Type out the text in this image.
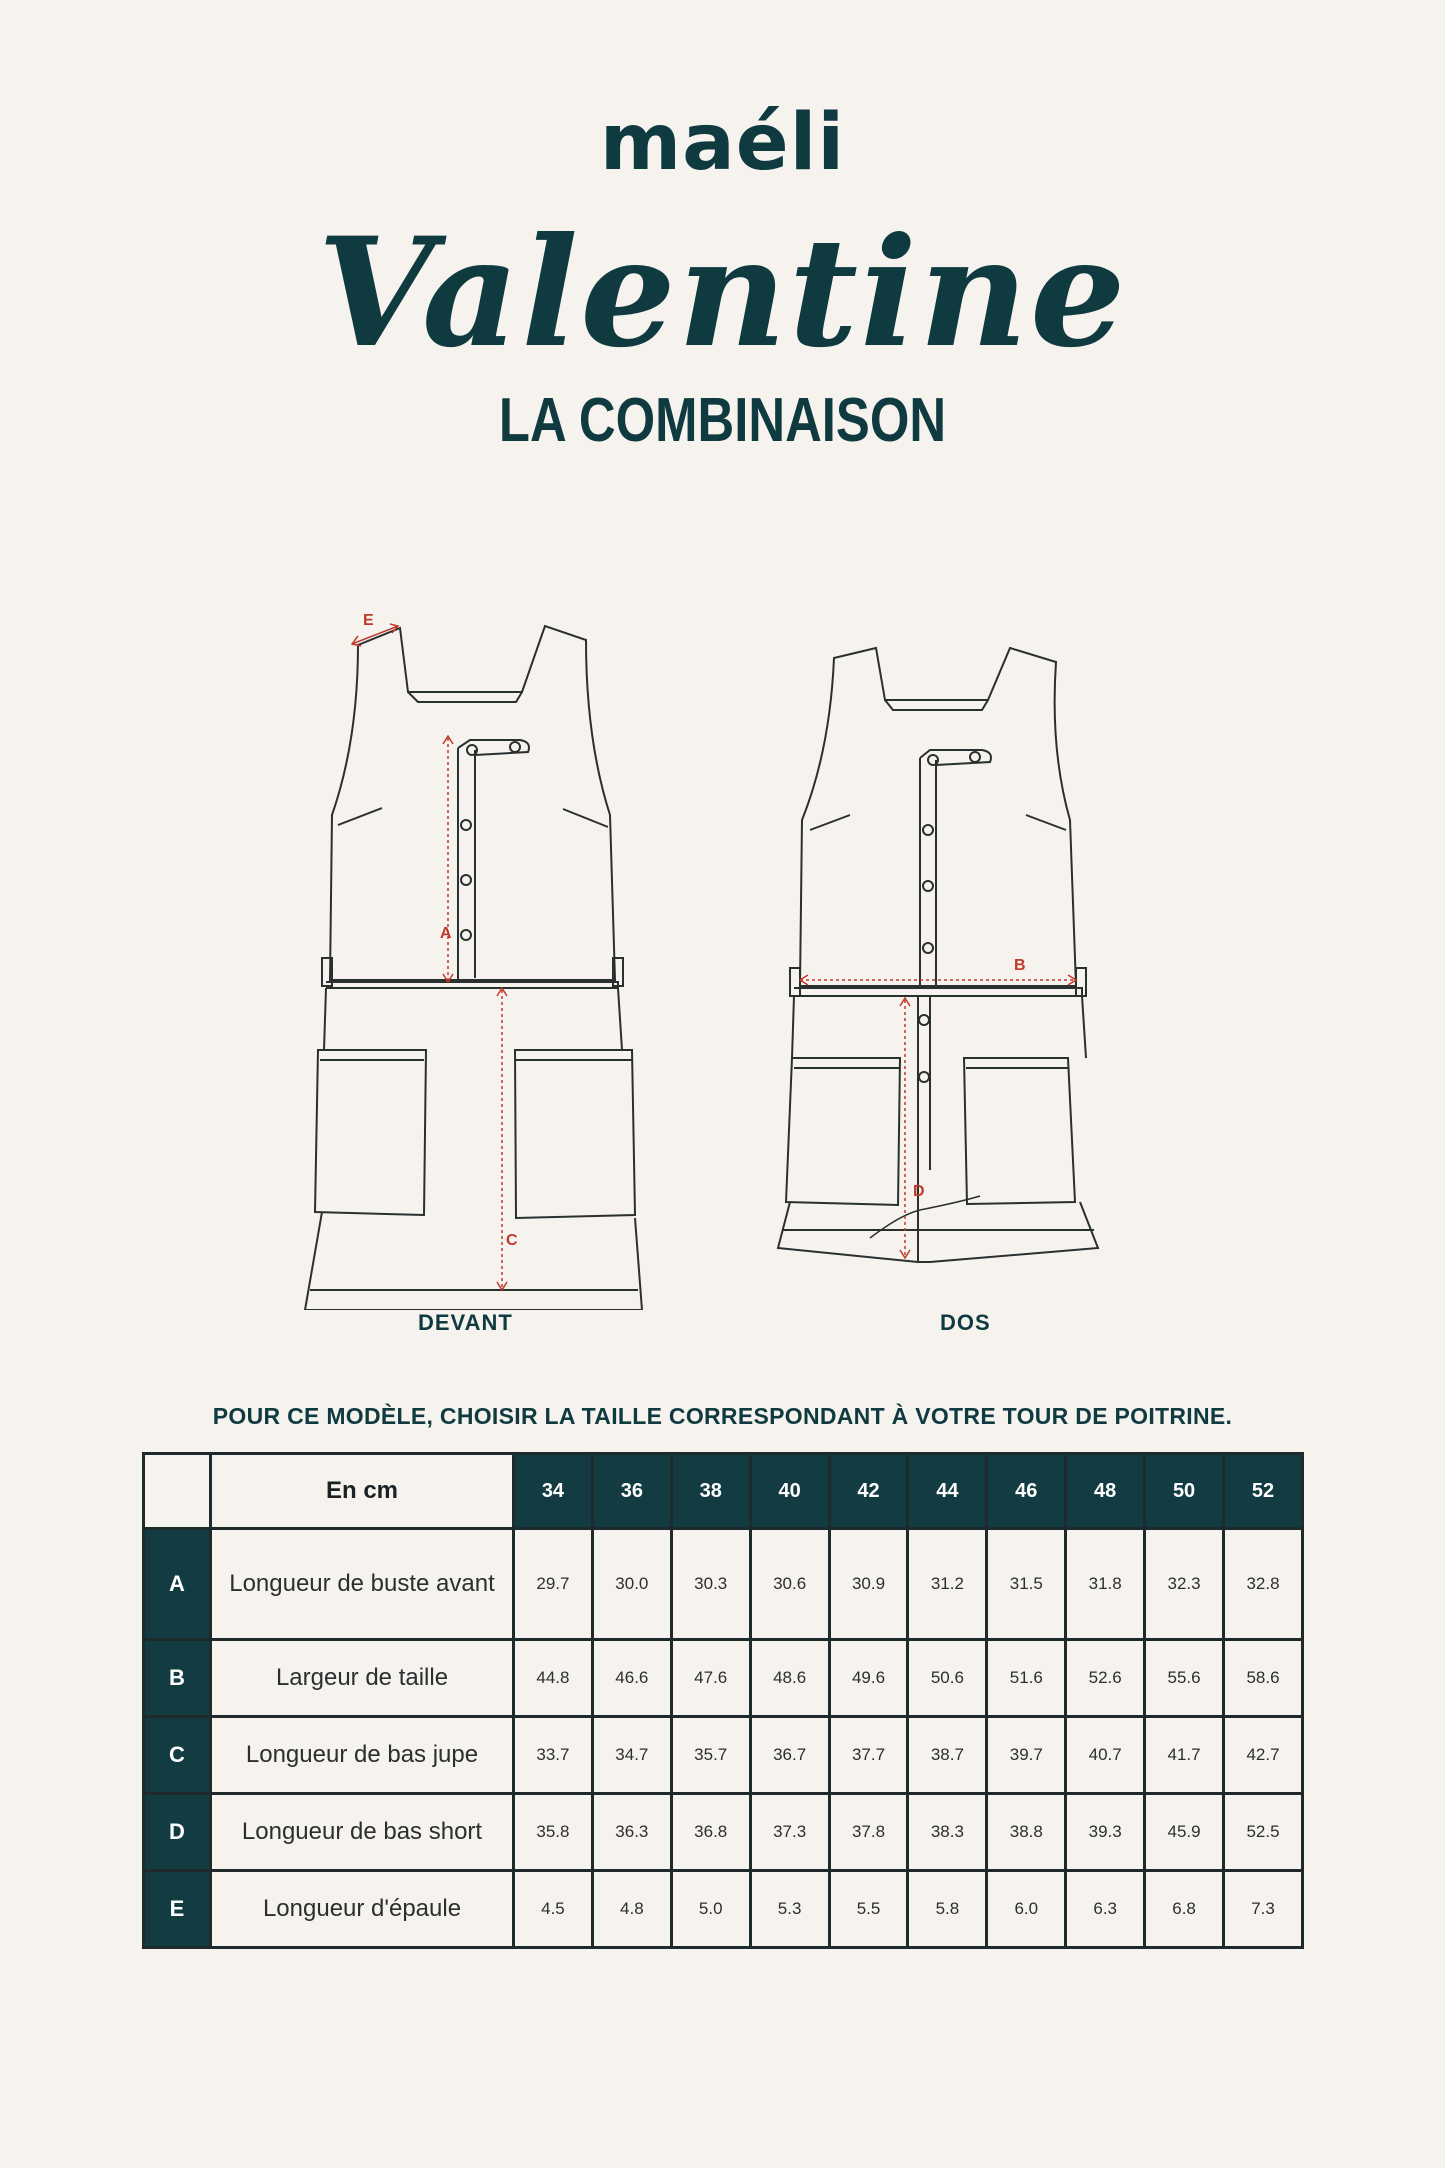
maéli
Valentine
LA COMBINAISON
E
A
C
B
D
DEVANT	DOS
POUR CE MODÈLE, CHOISIR LA TAILLE CORRESPONDANT À VOTRE TOUR DE POITRINE.
	En cm	34	36	38	40	42	44	46	48	50	52
A	Longueur de buste avant	29.7	30.0	30.3	30.6	30.9	31.2	31.5	31.8	32.3	32.8
B	Largeur de taille	44.8	46.6	47.6	48.6	49.6	50.6	51.6	52.6	55.6	58.6
C	Longueur de bas jupe	33.7	34.7	35.7	36.7	37.7	38.7	39.7	40.7	41.7	42.7
D	Longueur de bas short	35.8	36.3	36.8	37.3	37.8	38.3	38.8	39.3	45.9	52.5
E	Longueur d'épaule	4.5	4.8	5.0	5.3	5.5	5.8	6.0	6.3	6.8	7.3
